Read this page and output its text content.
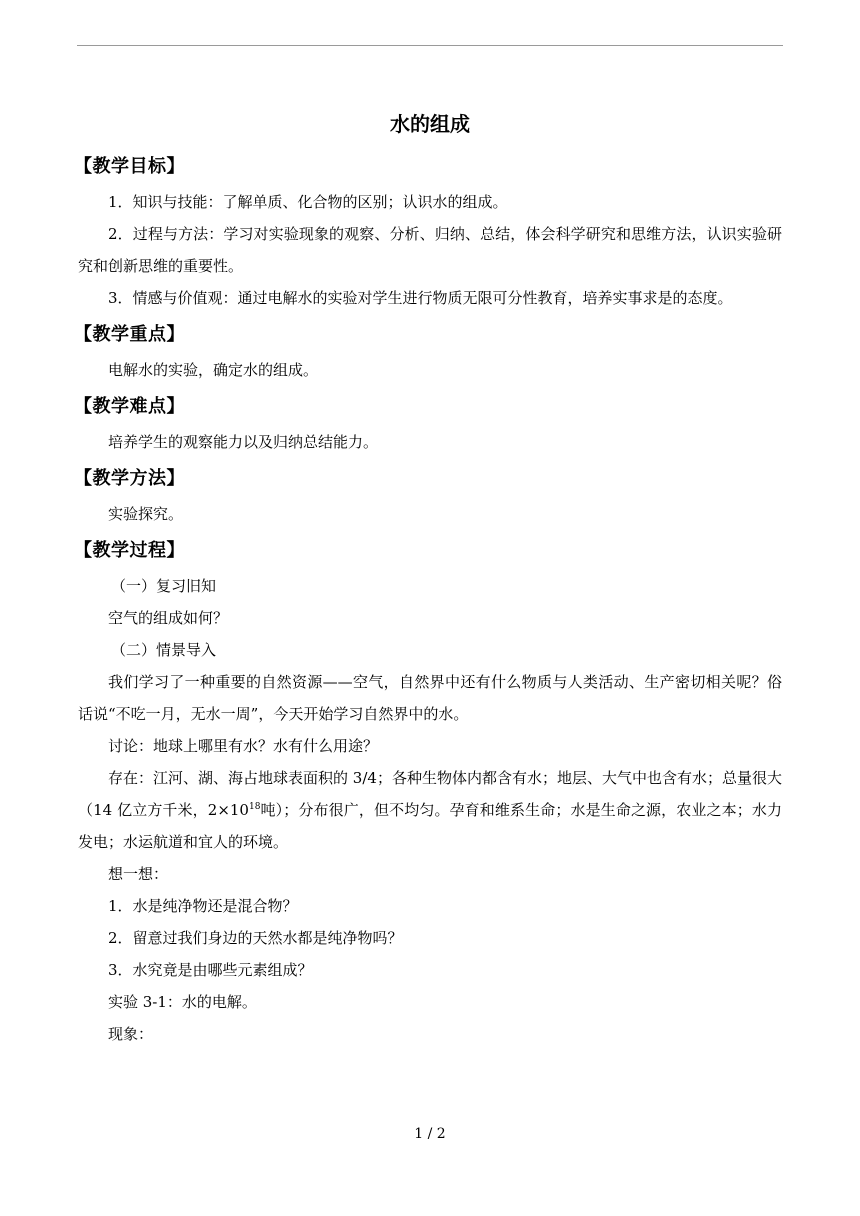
水的组成
【教学目标】

1．知识与技能：了解单质、化合物的区别；认识水的组成。

2．过程与方法：学习对实验现象的观察、分析、归纳、总结，体会科学研究和思维方法，认识实验研究和创新思维的重要性。

3．情感与价值观：通过电解水的实验对学生进行物质无限可分性教育，培养实事求是的态度。

【教学重点】

电解水的实验，确定水的组成。

【教学难点】

培养学生的观察能力以及归纳总结能力。

【教学方法】

实验探究。

【教学过程】

（一）复习旧知

空气的组成如何？

（二）情景导入

我们学习了一种重要的自然资源——空气，自然界中还有什么物质与人类活动、生产密切相关呢？俗话说“不吃一月，无水一周”，今天开始学习自然界中的水。

讨论：地球上哪里有水？水有什么用途？

存在：江河、湖、海占地球表面积的 3/4；各种生物体内都含有水；地层、大气中也含有水；总量很大（14 亿立方千米，$2\times 10^{18}$吨）；分布很广，但不均匀。孕育和维系生命；水是生命之源，农业之本；水力发电；水运航道和宜人的环境。

想一想：

1．水是纯净物还是混合物？

2．留意过我们身边的天然水都是纯净物吗？

3．水究竟是由哪些元素组成？

实验 3-1：水的电解。

现象：

1 / 2
